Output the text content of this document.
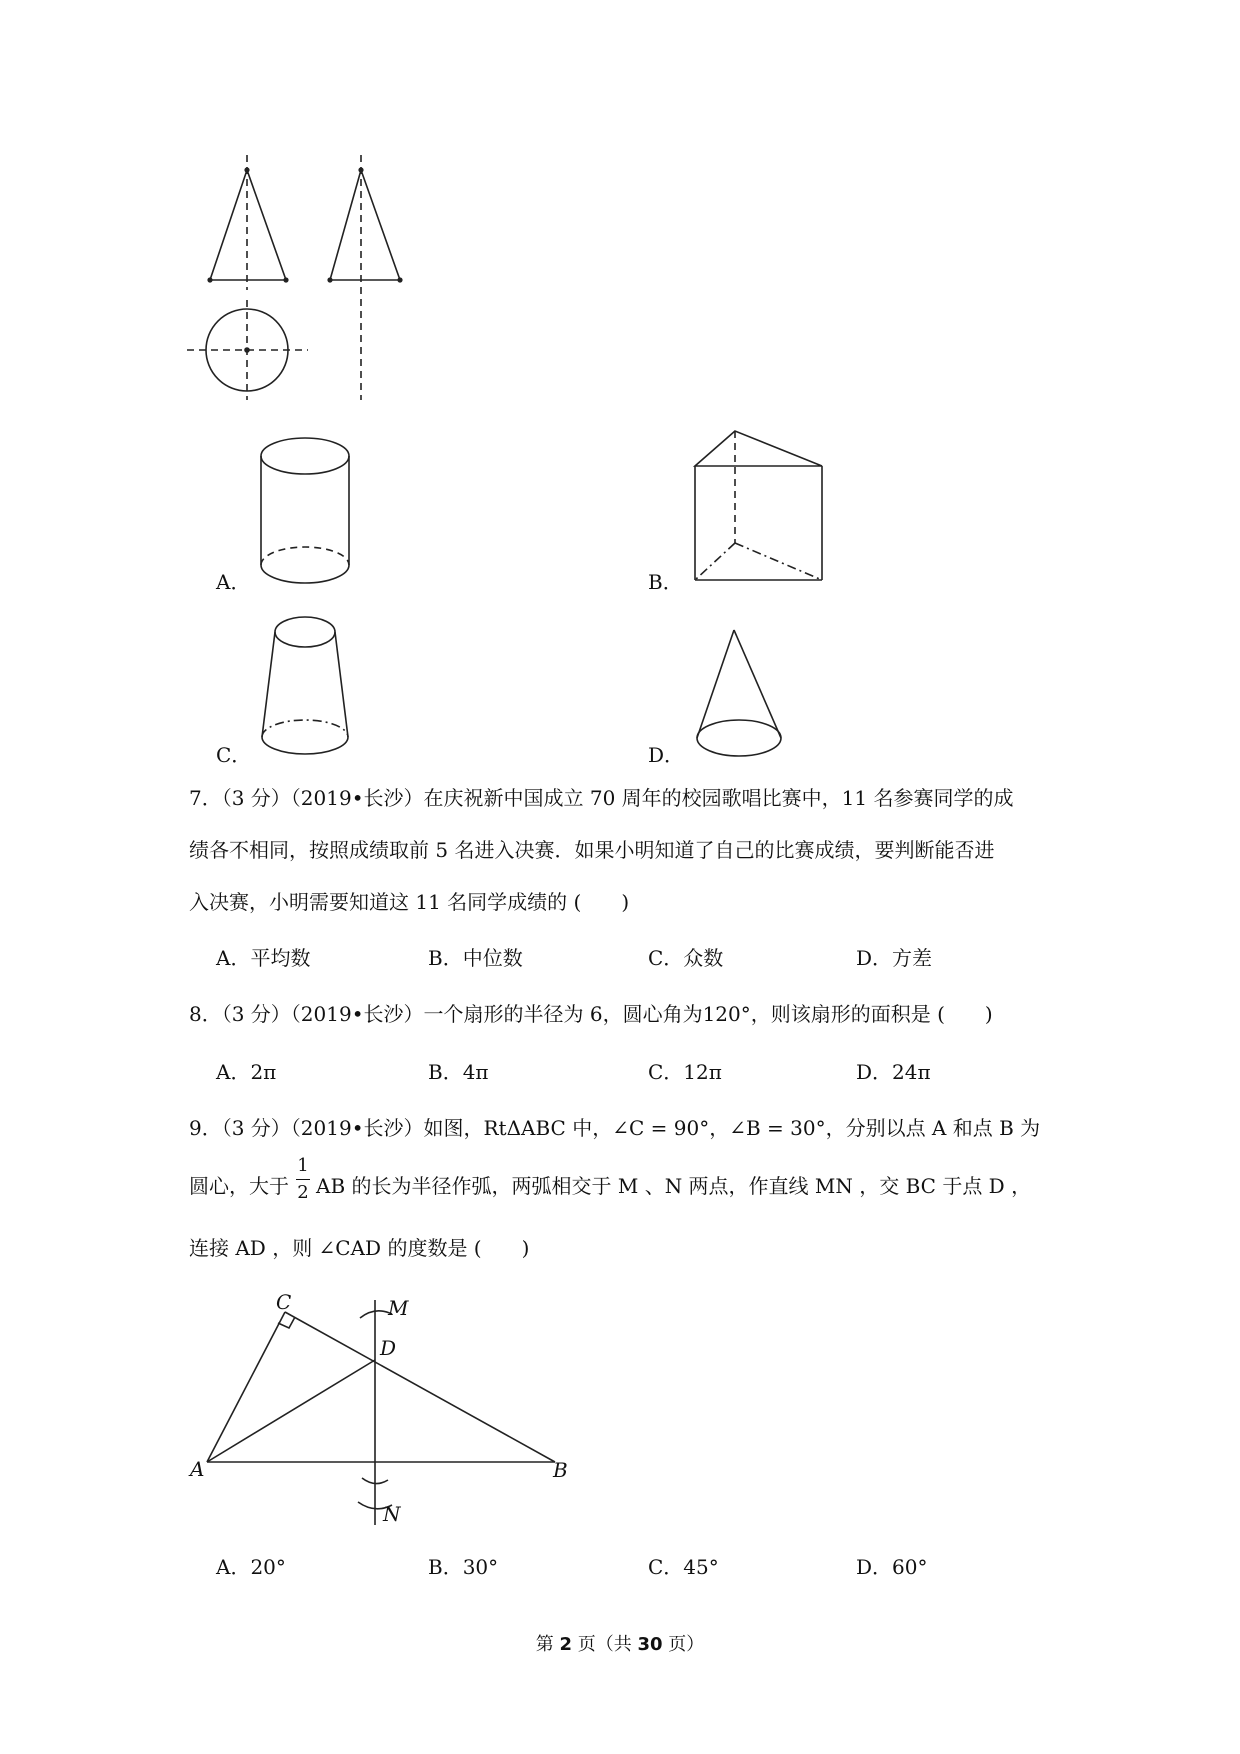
A．	B．
C．	D．
7．（3 分）（2019•长沙）在庆祝新中国成立 70 周年的校园歌唱比赛中，11 名参赛同学的成
绩各不相同，按照成绩取前 5 名进入决赛．如果小明知道了自己的比赛成绩，要判断能否进
入决赛，小明需要知道这 11 名同学成绩的 (　　)
A．平均数	B．中位数	C．众数	D．方差
8．（3 分）（2019•长沙）一个扇形的半径为 6，圆心角为120°，则该扇形的面积是 (　　)
A．2π	B．4π	C．12π	D．24π
9．（3 分）（2019•长沙）如图，RtΔABC 中，∠C = 90°，∠B = 30°，分别以点 A 和点 B 为
圆心，大于
1
2 AB 的长为半径作弧，两弧相交于 M 、N 两点，作直线 MN ，交 BC 于点 D ，
连接 AD ，则 ∠CAD 的度数是 (　　)
C	M
D
A	B
N
A．20°	B．30°	C．45°	D．60°
第 2 页（共 30 页）
